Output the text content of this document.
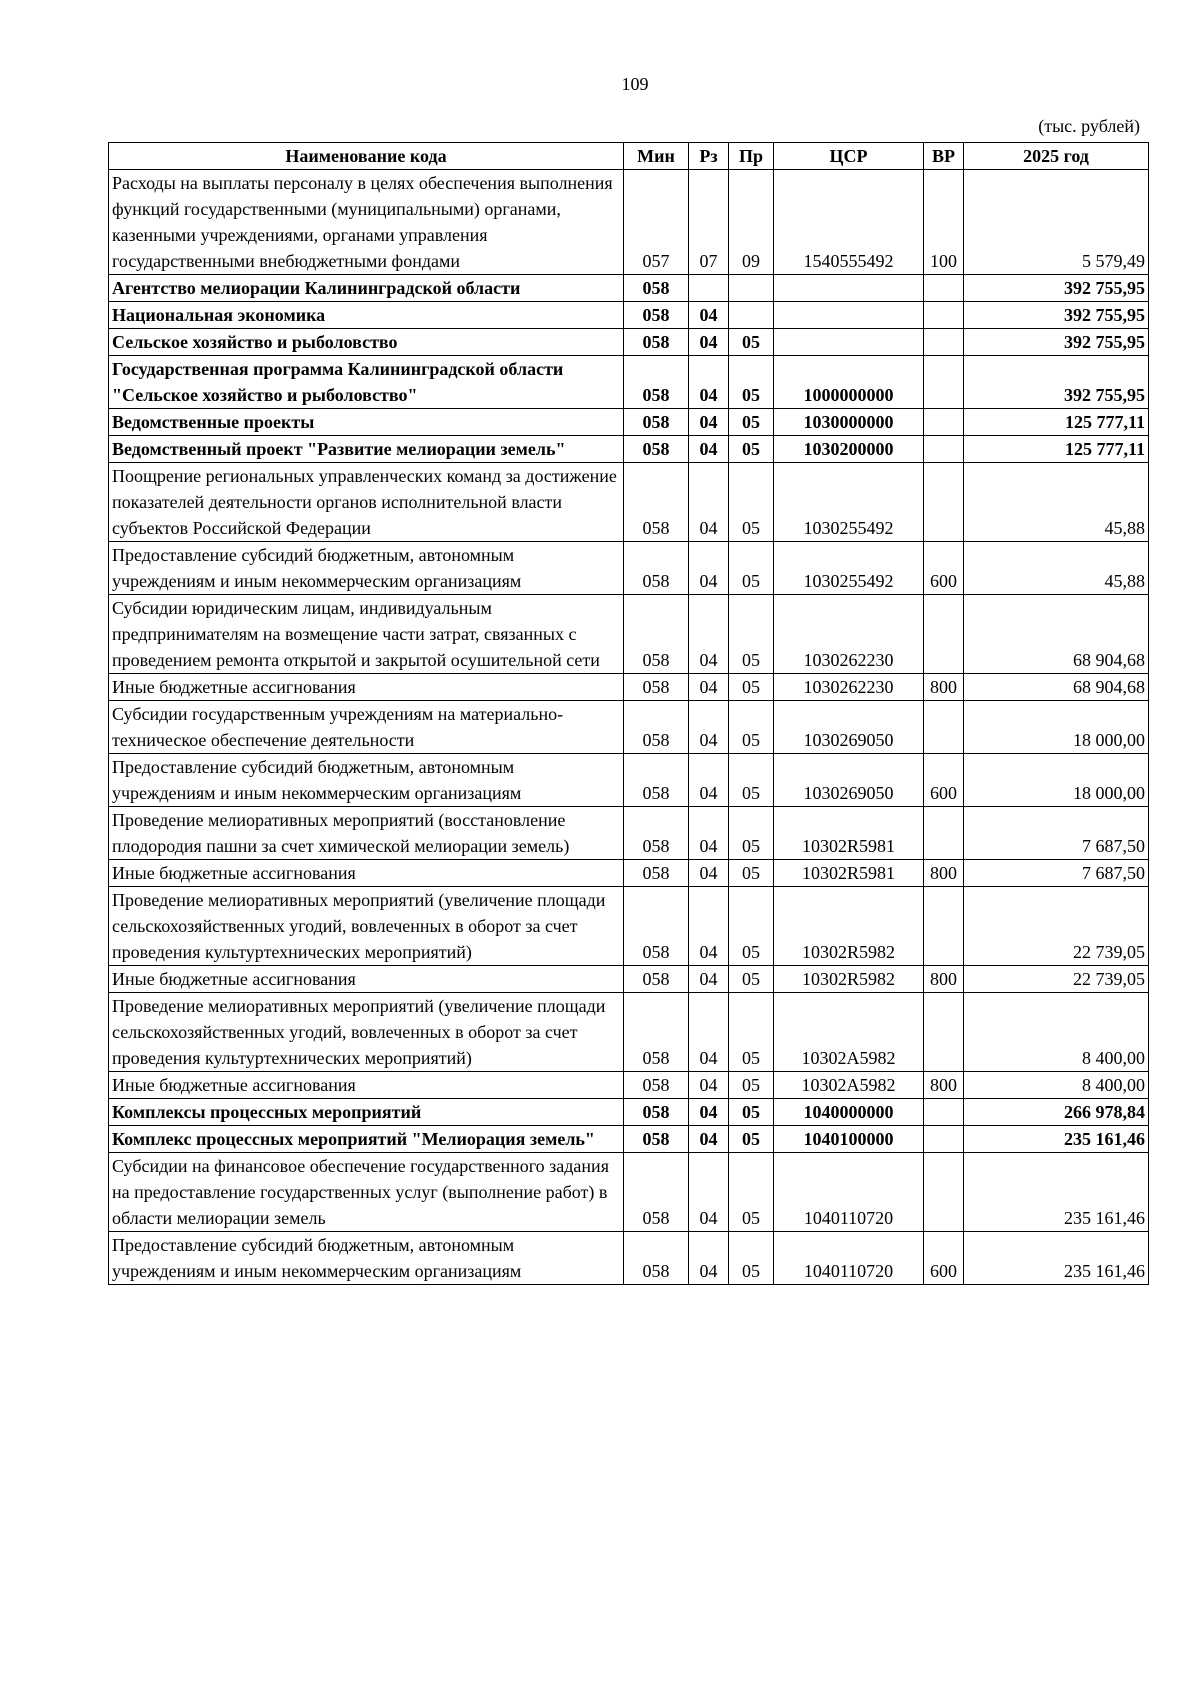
109
(тыс. рублей)
Наименование кода	Мин	Рз	Пр	ЦСР	ВР	2025 год
Расходы на выплаты персоналу в целях обеспечения выполнения функций государственными (муниципальными) органами, казенными учреждениями, органами управления государственными внебюджетными фондами	057	07	09	1540555492	100	5 579,49
Агентство мелиорации Калининградской области	058					392 755,95
Национальная экономика	058	04				392 755,95
Сельское хозяйство и рыболовство	058	04	05			392 755,95
Государственная программа Калининградской области "Сельское хозяйство и рыболовство"	058	04	05	1000000000		392 755,95
Ведомственные проекты	058	04	05	1030000000		125 777,11
Ведомственный проект "Развитие мелиорации земель"	058	04	05	1030200000		125 777,11
Поощрение региональных управленческих команд за достижение показателей деятельности органов исполнительной власти субъектов Российской Федерации	058	04	05	1030255492		45,88
Предоставление субсидий бюджетным, автономным учреждениям и иным некоммерческим организациям	058	04	05	1030255492	600	45,88
Субсидии юридическим лицам, индивидуальным предпринимателям на возмещение части затрат, связанных с проведением ремонта открытой и закрытой осушительной сети	058	04	05	1030262230		68 904,68
Иные бюджетные ассигнования	058	04	05	1030262230	800	68 904,68
Субсидии государственным учреждениям на материально-техническое обеспечение деятельности	058	04	05	1030269050		18 000,00
Предоставление субсидий бюджетным, автономным учреждениям и иным некоммерческим организациям	058	04	05	1030269050	600	18 000,00
Проведение мелиоративных мероприятий (восстановление плодородия пашни за счет химической мелиорации земель)	058	04	05	10302R5981		7 687,50
Иные бюджетные ассигнования	058	04	05	10302R5981	800	7 687,50
Проведение мелиоративных мероприятий (увеличение площади сельскохозяйственных угодий, вовлеченных в оборот за счет проведения культуртехнических мероприятий)	058	04	05	10302R5982		22 739,05
Иные бюджетные ассигнования	058	04	05	10302R5982	800	22 739,05
Проведение мелиоративных мероприятий (увеличение площади сельскохозяйственных угодий, вовлеченных в оборот за счет проведения культуртехнических мероприятий)	058	04	05	10302A5982		8 400,00
Иные бюджетные ассигнования	058	04	05	10302A5982	800	8 400,00
Комплексы процессных мероприятий	058	04	05	1040000000		266 978,84
Комплекс процессных мероприятий "Мелиорация земель"	058	04	05	1040100000		235 161,46
Субсидии на финансовое обеспечение государственного задания на предоставление государственных услуг (выполнение работ) в области мелиорации земель	058	04	05	1040110720		235 161,46
Предоставление субсидий бюджетным, автономным учреждениям и иным некоммерческим организациям	058	04	05	1040110720	600	235 161,46
